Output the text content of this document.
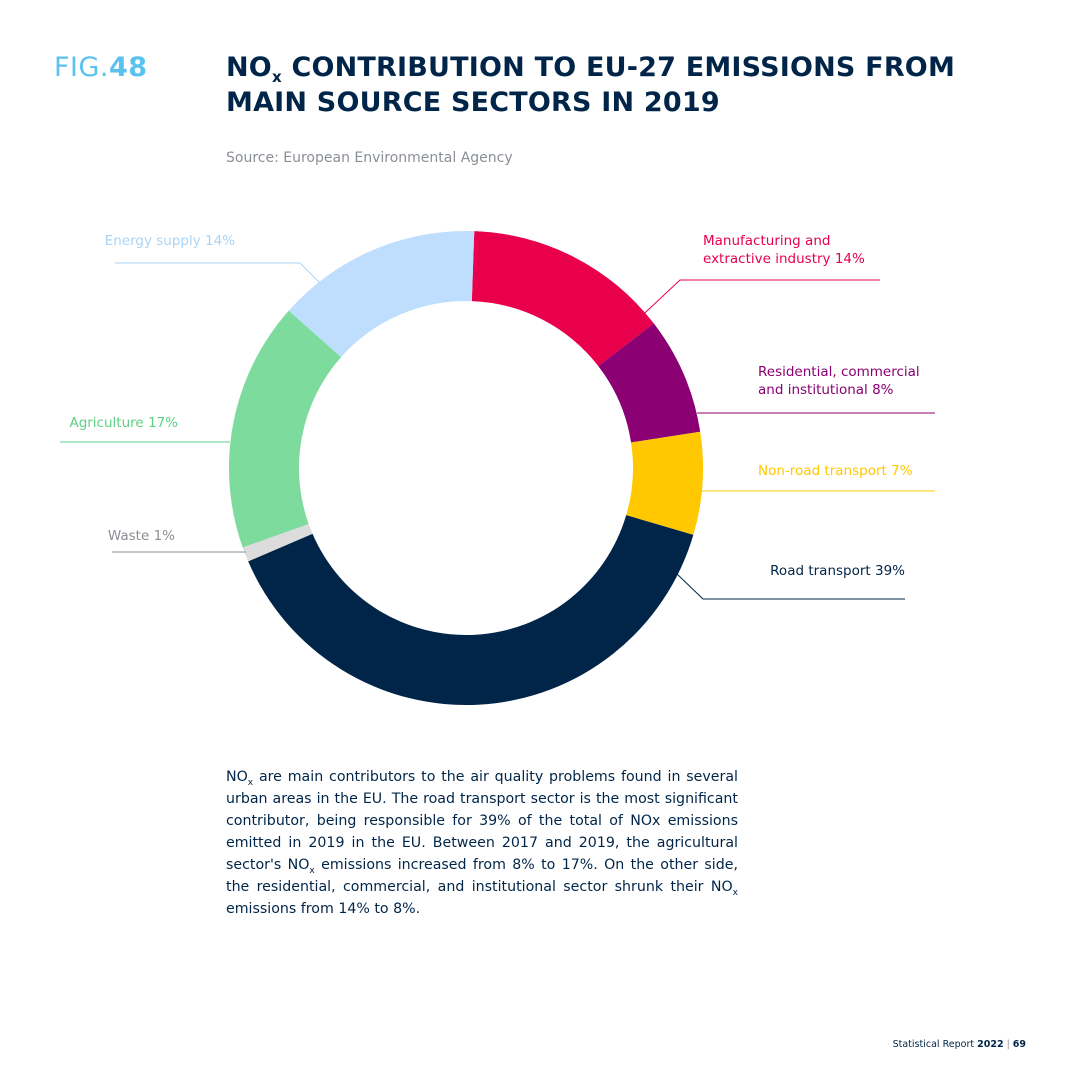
FIG.48	$NO_x$ CONTRIBUTION TO EU-27 EMISSIONS FROM
MAIN SOURCE SECTORS IN 2019
Source: European Environmental Agency
Manufacturing and extractive industry 14%
Residential, commercial and institutional 8%
Non-road transport 7%
Road transport 39%
Waste 1%
Agriculture 17%
Energy supply 14%

$NO_x$ are main contributors to the air quality problems found in several urban areas in the EU. The road transport sector is the most significant contributor, being responsible for 39% of the total of NOx emissions emitted in 2019 in the EU. Between 2017 and 2019, the agricultural sector's $NO_x$ emissions increased from 8% to 17%. On the other side, the residential, commercial, and institutional sector shrunk their $NO_x$ emissions from 14% to 8%.

Statistical Report 2022 | 69
